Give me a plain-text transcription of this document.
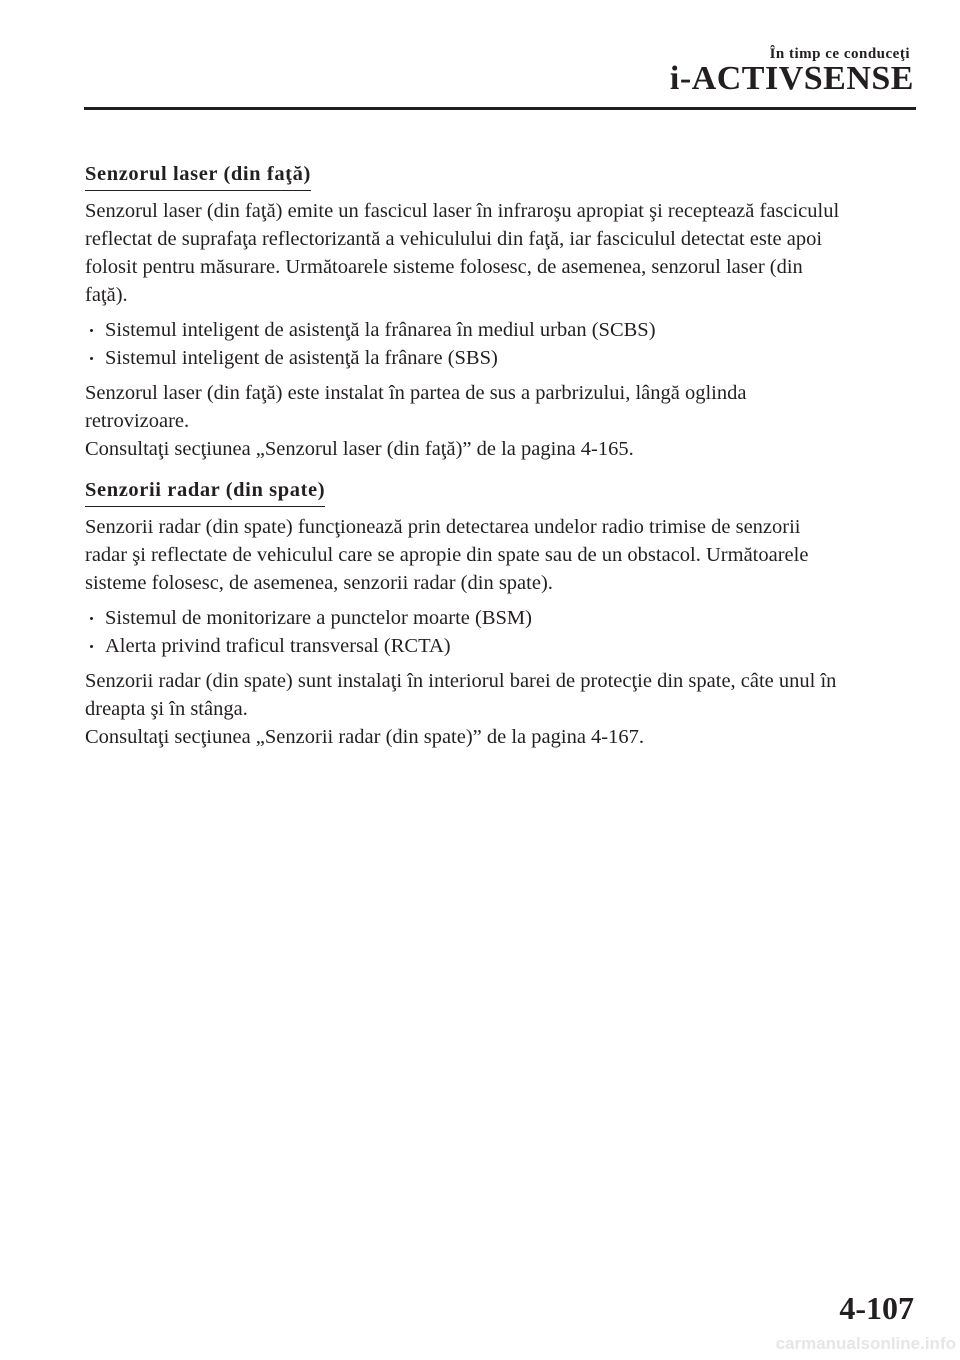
În timp ce conduceţi
i-ACTIVSENSE
Senzorul laser (din faţă)

Senzorul laser (din faţă) emite un fascicul laser în infraroşu apropiat şi receptează fasciculul
reflectat de suprafaţa reflectorizantă a vehiculului din faţă, iar fasciculul detectat este apoi
folosit pentru măsurare. Următoarele sisteme folosesc, de asemenea, senzorul laser (din
faţă).

Sistemul inteligent de asistenţă la frânarea în mediul urban (SCBS)
Sistemul inteligent de asistenţă la frânare (SBS)

Senzorul laser (din faţă) este instalat în partea de sus a parbrizului, lângă oglinda
retrovizoare.
Consultaţi secţiunea „Senzorul laser (din faţă)” de la pagina 4-165.

Senzorii radar (din spate)

Senzorii radar (din spate) funcţionează prin detectarea undelor radio trimise de senzorii
radar şi reflectate de vehiculul care se apropie din spate sau de un obstacol. Următoarele
sisteme folosesc, de asemenea, senzorii radar (din spate).

Sistemul de monitorizare a punctelor moarte (BSM)
Alerta privind traficul transversal (RCTA)

Senzorii radar (din spate) sunt instalaţi în interiorul barei de protecţie din spate, câte unul în
dreapta şi în stânga.
Consultaţi secţiunea „Senzorii radar (din spate)” de la pagina 4-167.

4-107
carmanualsonline.info
